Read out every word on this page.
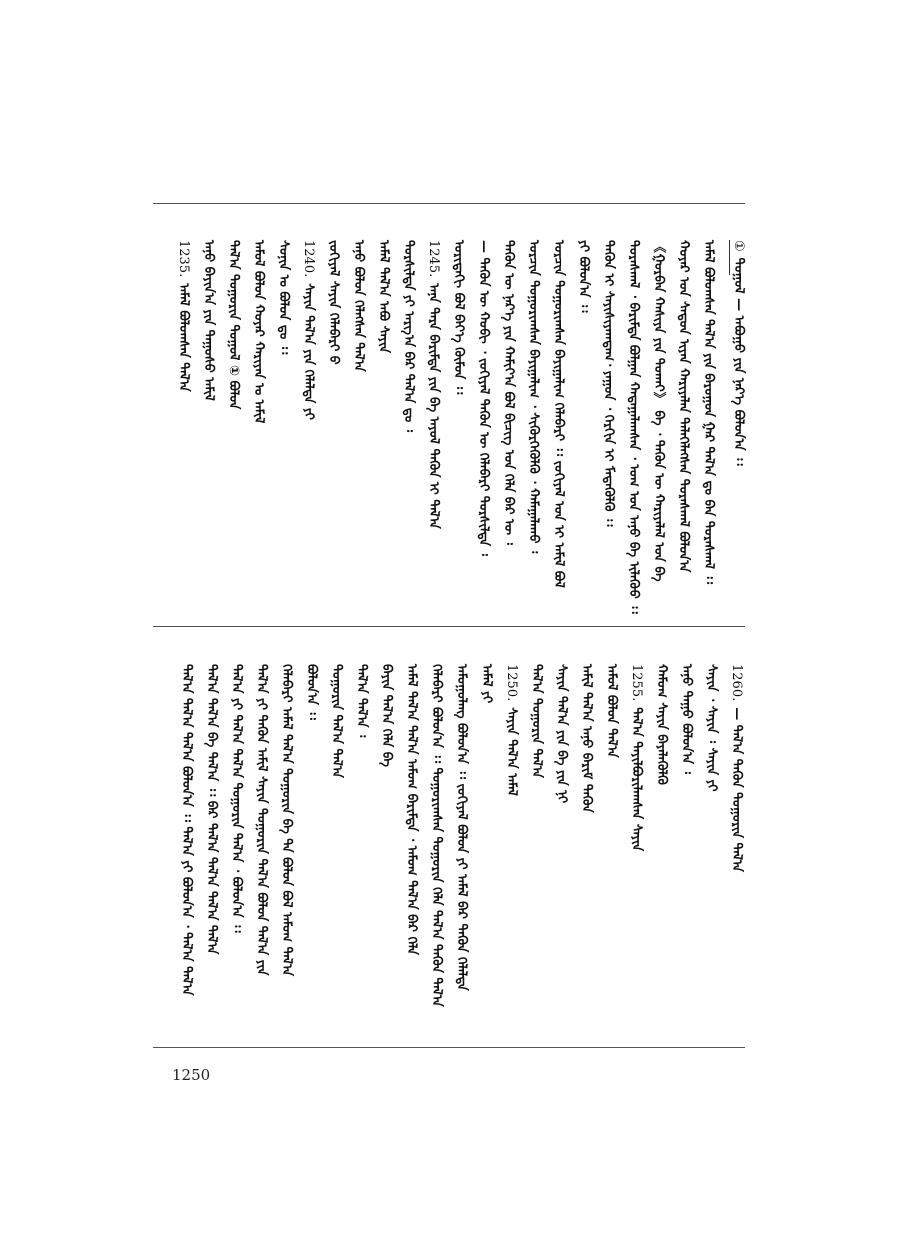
①ᠲᠤᠭᠤᠯ — ᠠᠪᠤᠭᠤ ᠶᠢᠨ ᠨᠡᠷ᠎ᠡ ᠪᠤᠯᠤᠨ᠎ᠠ ᠄᠄
ᠠᠮᠠᠯ ᠪᠤᠯᠤᠭᠰᠠᠨ ᠲᠠᠯ᠎ᠠ ᠶᠢᠨ ᠪᠠᠷᠤᠭᠤᠨ ᠭᠠᠷ ᠲᠠᠯ᠎ᠠ ᠳᠤ ᠪᠡᠨ ᠳᠤᠷᠠᠰᠬᠠᠯ ᠄᠄
ᠬᠣᠶᠠᠷ ᠤᠨ ᠰᠠᠳᠤᠨ ᠢᠶᠡᠨ ᠬᠠᠷᠢᠶᠠᠯᠠᠨ ᠲᠡᠯᠡᠭᠡᠯᠡᠭᠰᠡᠨ ᠳᠤᠷᠠᠰᠬᠠᠯ ᠪᠣᠯᠤᠨ᠎ᠠ
《ᠭᠤᠷᠪᠠᠨ ᠬᠠᠰᠢᠶᠠ ᠶᠢᠨ ᠲᠤᠬᠠᠢ》 ᠪᠠ ᠂ ᠲᠡᠭᠦᠨ ᠦ ᠬᠠᠷᠢᠶᠠᠯᠠᠯ ᠤᠨ ᠪᠠ
ᠳᠤᠷᠠᠰᠬᠠᠯ ᠂ ᠪᠠᠷᠢᠮᠲᠠ ᠪᠣᠯᠭᠠᠨ ᠬᠠᠳᠠᠭᠠᠯᠠᠭᠰᠠᠨ ᠂ ᠤᠭ ᠤᠨ ᠠᠨᠤ ᠪᠠ ᠢᠯᠡᠭᠦᠦ ᠄᠄
ᠲᠡᠭᠦᠨ ᠢ ᠰᠠᠶᠢᠰᠢᠶᠠᠭᠳᠠᠭ᠂ ᠶᠠᠭᠤᠨ ᠂ ᠬᠡᠷᠬᠢᠨ ᠢ ᠮᠡᠳᠡᠭᠦᠯᠬᠦ ᠄᠄
ᠶᠢ ᠪᠣᠯᠤᠨ᠎ᠠ ᠄᠄
ᠣᠷᠴᠢᠨ ᠲᠣᠭᠣᠷᠢᠭᠰᠠᠨ ᠪᠠᠶᠢᠭᠠᠯᠢᠭ ᠬᠡᠯᠡᠪᠡᠷᠢ ᠄᠄ ᠵᠣᠬᠢᠶᠠᠯ ᠤᠨ ᠢ ᠠᠮᠢᠯ ᠪᠣᠯ
ᠣᠷᠴᠢᠨ ᠲᠣᠭᠣᠷᠢᠭᠰᠠᠨ ᠪᠠᠶᠢᠭᠠᠯᠢᠭ ᠂ ᠰᠢᠭᠦᠷᠭᠡᠭᠦᠯᠬᠦ ᠂ ᠬᠠᠮᠠᠭᠠᠯᠠᠬᠤ ᠄
ᠲᠡᠭᠦᠨ ᠦ ᠨᠡᠷ᠎ᠡ ᠶᠢᠨ ᠬᠠᠮᠢᠶ᠎ᠠ ᠪᠣᠯ ᠪᠢᠴᠢᠭ ᠤᠨ ᠬᠡᠯᠡ ᠪᠡᠷ ᠦ ᠄
— ᠲᠡᠭᠦᠨ ᠦ ᠬᠤᠪᠢ ᠂ ᠵᠣᠬᠢᠶᠠᠯ ᠲᠡᠭᠦᠨ ᠦ ᠬᠡᠯᠡᠪᠡᠷᠢ ᠲᠤᠷᠰᠢᠯᠲᠠ ᠄
ᠤᠷᠢᠳᠠᠬᠢ ᠪᠣᠯ ᠪᠡᠶ᠎ᠡ ᠬᠦᠮᠦᠨ ᠄᠄
1245.ᠠᠨᠠ ᠲᠡᠷᠡ ᠪᠠᠷᠢᠮᠲᠠ ᠶᠢᠨ ᠪᠡ ᠠᠶᠤᠯ ᠲᠡᠭᠦᠨ ᠢ ᠲᠠᠯ᠎ᠠ
ᠲᠤᠷᠰᠢᠯᠲᠠ ᠶᠢ ᠠᠷᠭ᠎ᠠ ᠪᠡᠷ ᠲᠠᠯ᠎ᠠ ᠳᠤ ᠄
ᠠᠮᠠᠯ ᠲᠠᠯ᠎ᠠ ᠠᠪᠤ ᠰᠠᠶᠢᠨ
ᠠᠨᠤ ᠪᠣᠯᠤᠨ ᠬᠡᠯᠡᠭᠰᠡᠨ ᠲᠠᠯ᠎ᠠ
ᠵᠣᠬᠢᠶᠠᠯ ᠰᠠᠶᠢᠨ ᠬᠡᠯᠡᠪᠡᠷᠢ ᠪ
1240.ᠰᠠᠶᠢᠨ ᠲᠠᠯ᠎ᠠ ᠶᠢᠨ ᠬᠡᠯᠡᠯᠲᠡ ᠶᠢ
ᠰᠣᠨᠢᠨ ᠤ ᠪᠤᠯᠤᠨ ᠳᠤ ᠄᠄
ᠠᠮᠤᠯ ᠪᠣᠯᠤᠨ ᠬᠣᠶᠠᠷ ᠬᠠᠷᠢᠶᠠᠨ ᠤ ᠠᠮᠢᠯ
ᠲᠠᠯ᠎ᠠ ᠲᠣᠭᠣᠷᠢᠨ ᠲᠤᠭᠤᠯ ① ᠪᠣᠯᠤᠨ
ᠠᠨᠤ ᠪᠠᠶᠢᠨ᠎ᠠ ᠶᠢᠨ ᠲᠠᠭᠤᠰᠤ ᠠᠮᠢᠯ
1235.ᠠᠮᠠᠯ ᠪᠤᠯᠤᠭᠰᠠᠨ ᠲᠠᠯ᠎ᠠ
1260.— ᠲᠠᠯ᠎ᠠ ᠲᠡᠭᠦᠨ ᠲᠣᠭᠣᠷᠢᠨ ᠲᠠᠯ᠎ᠠ
ᠰᠠᠶᠢᠨ ᠂ ᠰᠠᠶᠢᠨ ᠄ ᠰᠠᠶᠢᠨ ᠶᠢ
ᠠᠨᠤ ᠲᠠᠭᠤ ᠪᠣᠯᠤᠨ᠎ᠠ ᠄
ᠬᠠᠮᠤᠭ ᠰᠠᠶᠢᠨ ᠪᠡᠶᠡᠯᠡᠭᠦᠯᠬᠦ
1255.ᠲᠠᠯ᠎ᠠ ᠲᠠᠶᠢᠯᠪᠤᠷᠢᠯᠠᠭᠰᠠᠨ ᠰᠠᠶᠢᠨ
ᠠᠮᠤᠯ ᠪᠣᠯᠤᠨ ᠲᠠᠯ᠎ᠠ
ᠠᠮᠢᠯ ᠲᠠᠯ᠎ᠠ ᠠᠨᠤ ᠪᠠᠷᠢᠮ ᠲᠡᠭᠦᠨ
ᠰᠠᠶᠢᠨ ᠲᠠᠯ᠎ᠠ ᠶᠢᠨ ᠪᠠ ᠶᠢᠨ ᠨᠢ
ᠲᠠᠯ᠎ᠠ ᠲᠣᠭᠣᠷᠢᠨ ᠲᠠᠯ᠎ᠠ
1250.ᠰᠠᠶᠢᠨ ᠲᠠᠯ᠎ᠠ ᠠᠮᠠᠯ
ᠠᠮᠠᠯ ᠶᠢ
ᠠᠮᠤᠭᠤᠯᠠᠩ ᠪᠣᠯᠤᠨ᠎ᠠ ᠄᠄ ᠵᠣᠬᠢᠶᠠᠯ ᠪᠣᠯᠤᠨ ᠶᠢ ᠠᠮᠠᠯ ᠪᠠᠷ ᠲᠡᠭᠦᠨ ᠬᠡᠯᠡᠯᠲᠡ
ᠬᠡᠯᠡᠪᠡᠷᠢ ᠪᠣᠯᠤᠨ᠎ᠠ ᠄᠄ ᠲᠣᠭᠣᠷᠢᠭᠰᠠᠨ ᠲᠣᠭᠣᠷᠢᠨ ᠬᠡᠯᠡ ᠲᠠᠯ᠎ᠠ ᠲᠡᠭᠦᠨ ᠲᠠᠯ᠎ᠠ
ᠠᠮᠠᠯ ᠲᠠᠯ᠎ᠠ ᠲᠠᠯ᠎ᠠ ᠠᠮᠤᠭ ᠪᠠᠷᠢᠮᠲᠠ ᠂ ᠠᠮᠤᠭ ᠲᠠᠯ᠎ᠠ ᠪᠠᠷ ᠬᠡᠯᠡ
ᠪᠠᠶᠢᠨ ᠲᠠᠯ᠎ᠠ ᠬᠡᠯᠡ ᠪᠠ
ᠲᠠᠯ᠎ᠠ ᠲᠠᠯ᠎ᠠ ᠄
ᠲᠣᠭᠣᠷᠢᠨ ᠲᠠᠯ᠎ᠠ ᠲᠠᠯ᠎ᠠ
ᠪᠣᠯᠤᠨ᠎ᠠ ᠄᠄
ᠬᠡᠯᠡᠪᠡᠷᠢ ᠠᠮᠠᠯ ᠲᠠᠯ᠎ᠠ ᠲᠣᠭᠣᠷᠢᠨ ᠪᠡ ᠲᠠ ᠪᠣᠯᠤᠨ ᠪᠣᠯ ᠠᠮᠤᠭ ᠲᠠᠯ᠎ᠠ
ᠲᠠᠯ᠎ᠠ ᠶᠢ ᠲᠡᠭᠦᠨ ᠠᠮᠢᠯ ᠰᠠᠶᠢᠨ ᠲᠣᠭᠣᠷᠢᠨ ᠲᠠᠯ᠎ᠠ ᠪᠣᠯᠤᠨ ᠲᠠᠯ᠎ᠠ ᠶᠢᠨ
ᠲᠠᠯ᠎ᠠ ᠶᠢ ᠲᠠᠯ᠎ᠠ ᠲᠠᠯ᠎ᠠ ᠲᠣᠭᠣᠷᠢᠨ ᠲᠠᠯ᠎ᠠ ᠂ ᠪᠣᠯᠤᠨ᠎ᠠ ᠄᠄
ᠲᠠᠯ᠎ᠠ ᠲᠠᠯ᠎ᠠ ᠪᠠ ᠲᠠᠯ᠎ᠠ ᠄᠄ ᠪᠠᠷ ᠲᠠᠯ᠎ᠠ ᠲᠠᠯ᠎ᠠ ᠲᠠᠯ᠎ᠠ ᠲᠠᠯ᠎ᠠ
ᠲᠠᠯ᠎ᠠ ᠲᠠᠯ᠎ᠠ ᠲᠠᠯ᠎ᠠ ᠪᠣᠯᠤᠨ᠎ᠠ ᠄᠄ ᠲᠠᠯ᠎ᠠ ᠶᠢ ᠪᠣᠯᠤᠨ᠎ᠠ ᠂ ᠲᠠᠯ᠎ᠠ ᠲᠠᠯ᠎ᠠ
1250
